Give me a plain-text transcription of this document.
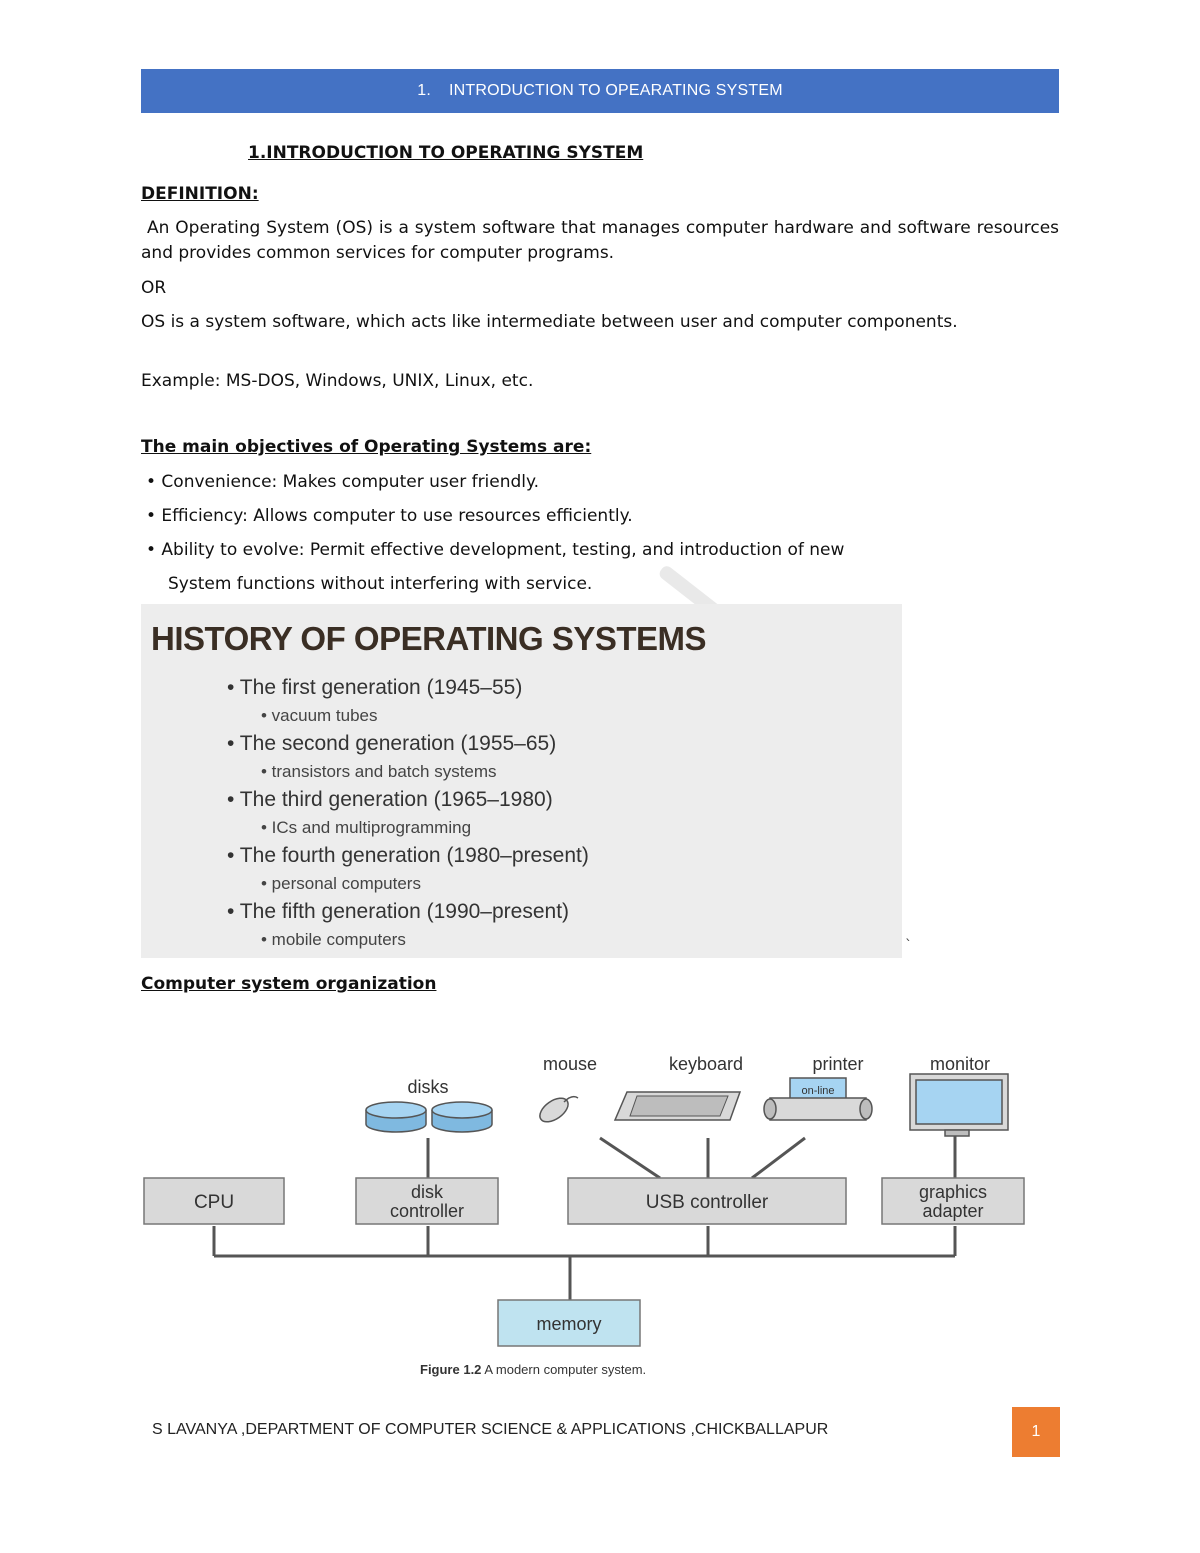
1. INTRODUCTION TO OPEARATING SYSTEM
1.INTRODUCTION TO OPERATING SYSTEM
DEFINITION:
An Operating System (OS) is a system software that manages computer hardware and software resources and provides common services for computer programs.
OR
OS is a system software, which acts like intermediate between user and computer components.
Example: MS-DOS, Windows, UNIX, Linux, etc.
The main objectives of Operating Systems are:
• Convenience: Makes computer user friendly.
• Efficiency: Allows computer to use resources efficiently.
• Ability to evolve: Permit effective development, testing, and introduction of new
System functions without interfering with service.
HISTORY OF OPERATING SYSTEMS
• The first generation (1945–55)
• vacuum tubes
• The second generation (1955–65)
• transistors and batch systems
• The third generation (1965–1980)
• ICs and multiprogramming
• The fourth generation (1980–present)
• personal computers
• The fifth generation (1990–present)
• mobile computers	`
Computer system organization
disks
mouse	keyboard	printer	monitor
on-line
CPU	disk
controller	USB controller	graphics
adapter
memory
Figure 1.2 A modern computer system.
S LAVANYA ,DEPARTMENT OF COMPUTER SCIENCE & APPLICATIONS ,CHICKBALLAPUR	1
